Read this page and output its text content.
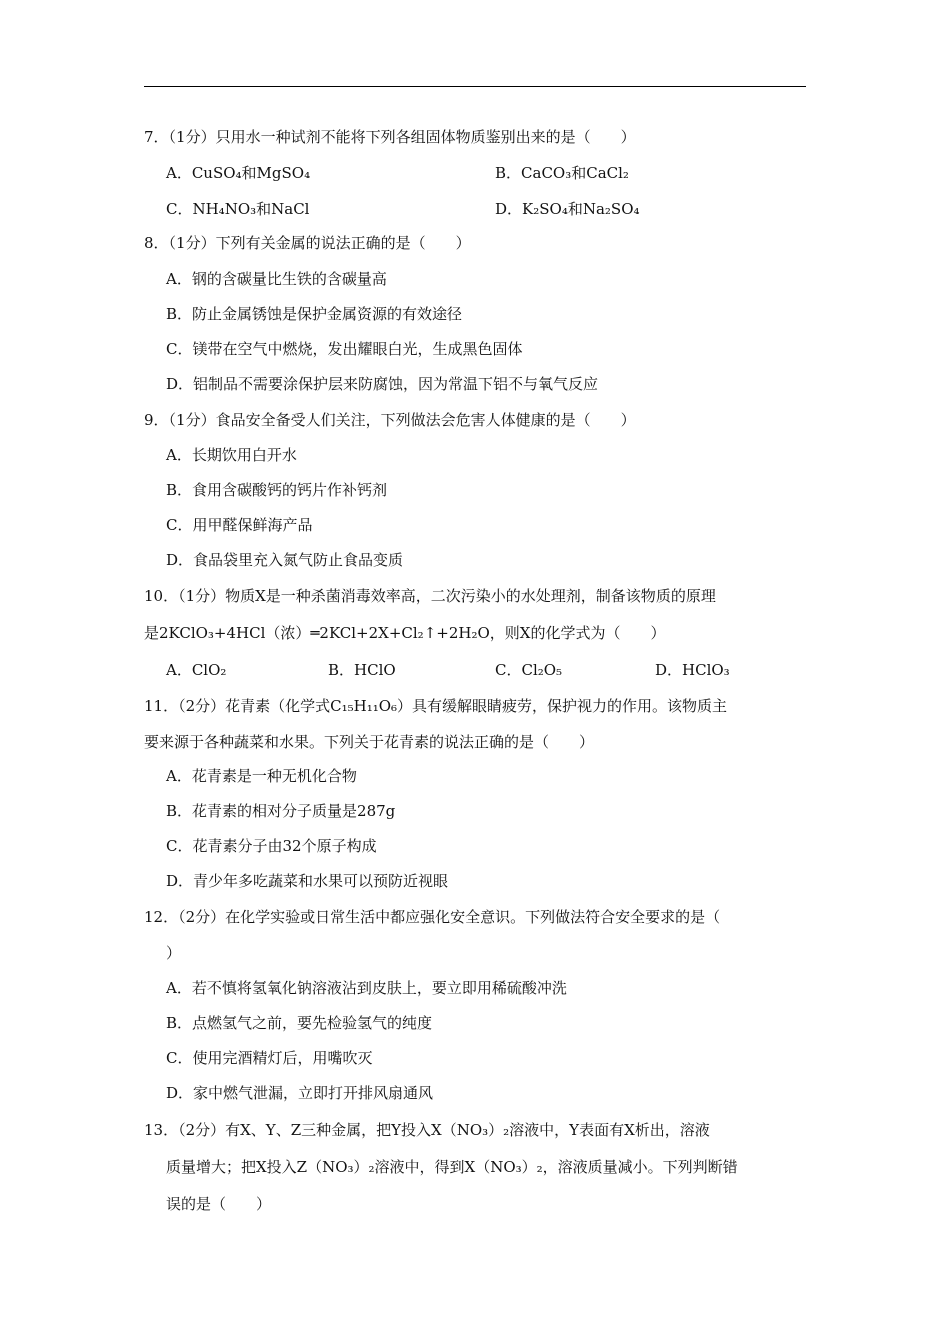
7．（1分）只用水一种试剂不能将下列各组固体物质鉴别出来的是（　　）
A．CuSO₄和MgSO₄	B．CaCO₃和CaCl₂
C．NH₄NO₃和NaCl	D．K₂SO₄和Na₂SO₄
8．（1分）下列有关金属的说法正确的是（　　）
A．钢的含碳量比生铁的含碳量高
B．防止金属锈蚀是保护金属资源的有效途径
C．镁带在空气中燃烧，发出耀眼白光，生成黑色固体
D．铝制品不需要涂保护层来防腐蚀，因为常温下铝不与氧气反应
9．（1分）食品安全备受人们关注，下列做法会危害人体健康的是（　　）
A．长期饮用白开水
B．食用含碳酸钙的钙片作补钙剂
C．用甲醛保鲜海产品
D．食品袋里充入氮气防止食品变质
10．（1分）物质X是一种杀菌消毒效率高，二次污染小的水处理剂，制备该物质的原理
是2KClO₃+4HCl（浓）═2KCl+2X+Cl₂↑+2H₂O，则X的化学式为（　　）
A．ClO₂	B．HClO	C．Cl₂O₅	D．HClO₃
11．（2分）花青素（化学式C₁₅H₁₁O₆）具有缓解眼睛疲劳，保护视力的作用。该物质主
要来源于各种蔬菜和水果。下列关于花青素的说法正确的是（　　）
A．花青素是一种无机化合物
B．花青素的相对分子质量是287g
C．花青素分子由32个原子构成
D．青少年多吃蔬菜和水果可以预防近视眼
12．（2分）在化学实验或日常生活中都应强化安全意识。下列做法符合安全要求的是（
）
A．若不慎将氢氧化钠溶液沾到皮肤上，要立即用稀硫酸冲洗
B．点燃氢气之前，要先检验氢气的纯度
C．使用完酒精灯后，用嘴吹灭
D．家中燃气泄漏，立即打开排风扇通风
13．（2分）有X、Y、Z三种金属，把Y投入X（NO₃）₂溶液中，Y表面有X析出，溶液
质量增大；把X投入Z（NO₃）₂溶液中，得到X（NO₃）₂，溶液质量减小。下列判断错
误的是（　　）
